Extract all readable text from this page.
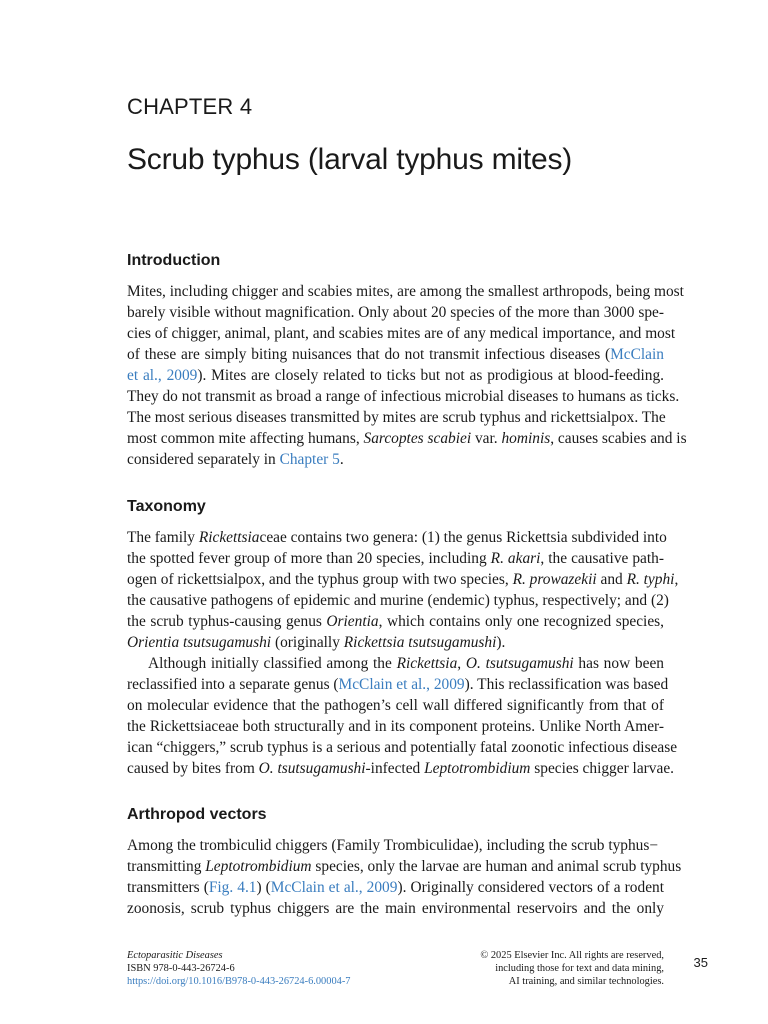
CHAPTER 4
Scrub typhus (larval typhus mites)
Introduction
Mites, including chigger and scabies mites, are among the smallest arthropods, being most
barely visible without magnification. Only about 20 species of the more than 3000 spe-
cies of chigger, animal, plant, and scabies mites are of any medical importance, and most
of these are simply biting nuisances that do not transmit infectious diseases (McClain
et al., 2009). Mites are closely related to ticks but not as prodigious at blood-feeding.
They do not transmit as broad a range of infectious microbial diseases to humans as ticks.
The most serious diseases transmitted by mites are scrub typhus and rickettsialpox. The
most common mite affecting humans, Sarcoptes scabiei var. hominis, causes scabies and is
considered separately in Chapter 5.
Taxonomy
The family Rickettsiaceae contains two genera: (1) the genus Rickettsia subdivided into
the spotted fever group of more than 20 species, including R. akari, the causative path-
ogen of rickettsialpox, and the typhus group with two species, R. prowazekii and R. typhi,
the causative pathogens of epidemic and murine (endemic) typhus, respectively; and (2)
the scrub typhus-causing genus Orientia, which contains only one recognized species,
Orientia tsutsugamushi (originally Rickettsia tsutsugamushi).
Although initially classified among the Rickettsia, O. tsutsugamushi has now been
reclassified into a separate genus (McClain et al., 2009). This reclassification was based
on molecular evidence that the pathogen’s cell wall differed significantly from that of
the Rickettsiaceae both structurally and in its component proteins. Unlike North Amer-
ican “chiggers,” scrub typhus is a serious and potentially fatal zoonotic infectious disease
caused by bites from O. tsutsugamushi-infected Leptotrombidium species chigger larvae.
Arthropod vectors
Among the trombiculid chiggers (Family Trombiculidae), including the scrub typhus−
transmitting Leptotrombidium species, only the larvae are human and animal scrub typhus
transmitters (Fig. 4.1) (McClain et al., 2009). Originally considered vectors of a rodent
zoonosis, scrub typhus chiggers are the main environmental reservoirs and the only
Ectoparasitic Diseases
ISBN 978-0-443-26724-6
https://doi.org/10.1016/B978-0-443-26724-6.00004-7
© 2025 Elsevier Inc. All rights are reserved,
including those for text and data mining,
AI training, and similar technologies.
35
